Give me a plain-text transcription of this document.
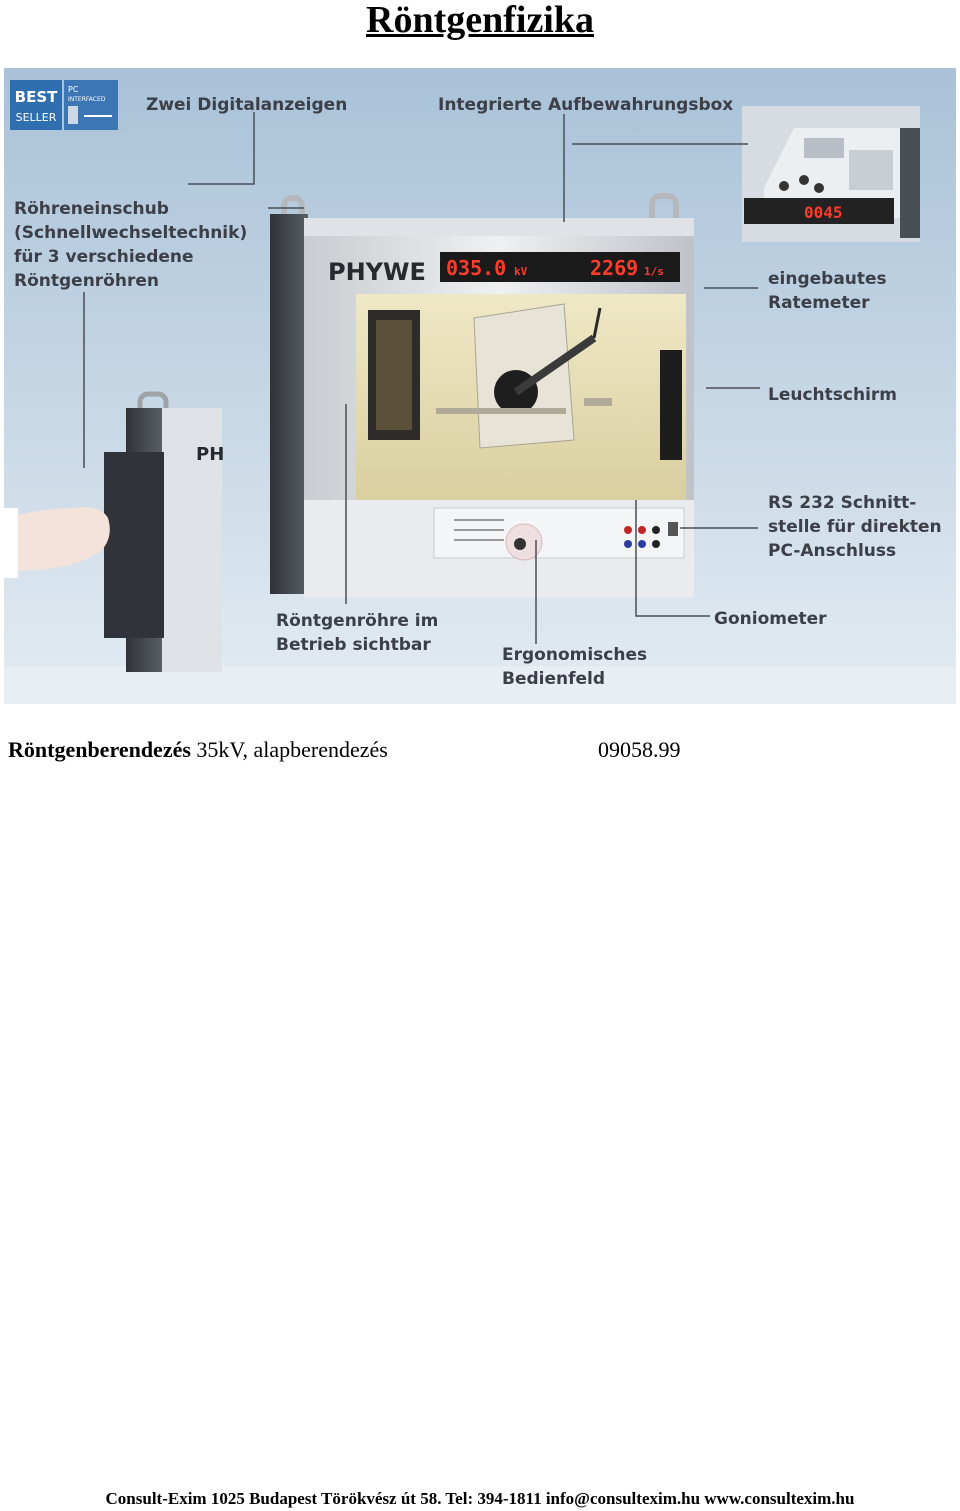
Röntgenfizika
BEST
SELLER
PC
INTERFACED
0045
PHYWE 035.0 kV	2269 1/s
PH
Zwei Digitalanzeigen	Integrierte Aufbewahrungsbox
Röhreneinschub
(Schnellwechseltechnik)
für 3 verschiedene
Röntgenröhren	eingebautes
Ratemeter
Leuchtschirm
RS 232 Schnitt-
stelle für direkten
PC-Anschluss
Goniometer
Röntgenröhre im
Betrieb sichtbar	Ergonomisches
Bedienfeld
Röntgenberendezés 35kV, alapberendezés	09058.99
Consult-Exim 1025 Budapest Törökvész út 58. Tel: 394-1811 info@consultexim.hu www.consultexim.hu
